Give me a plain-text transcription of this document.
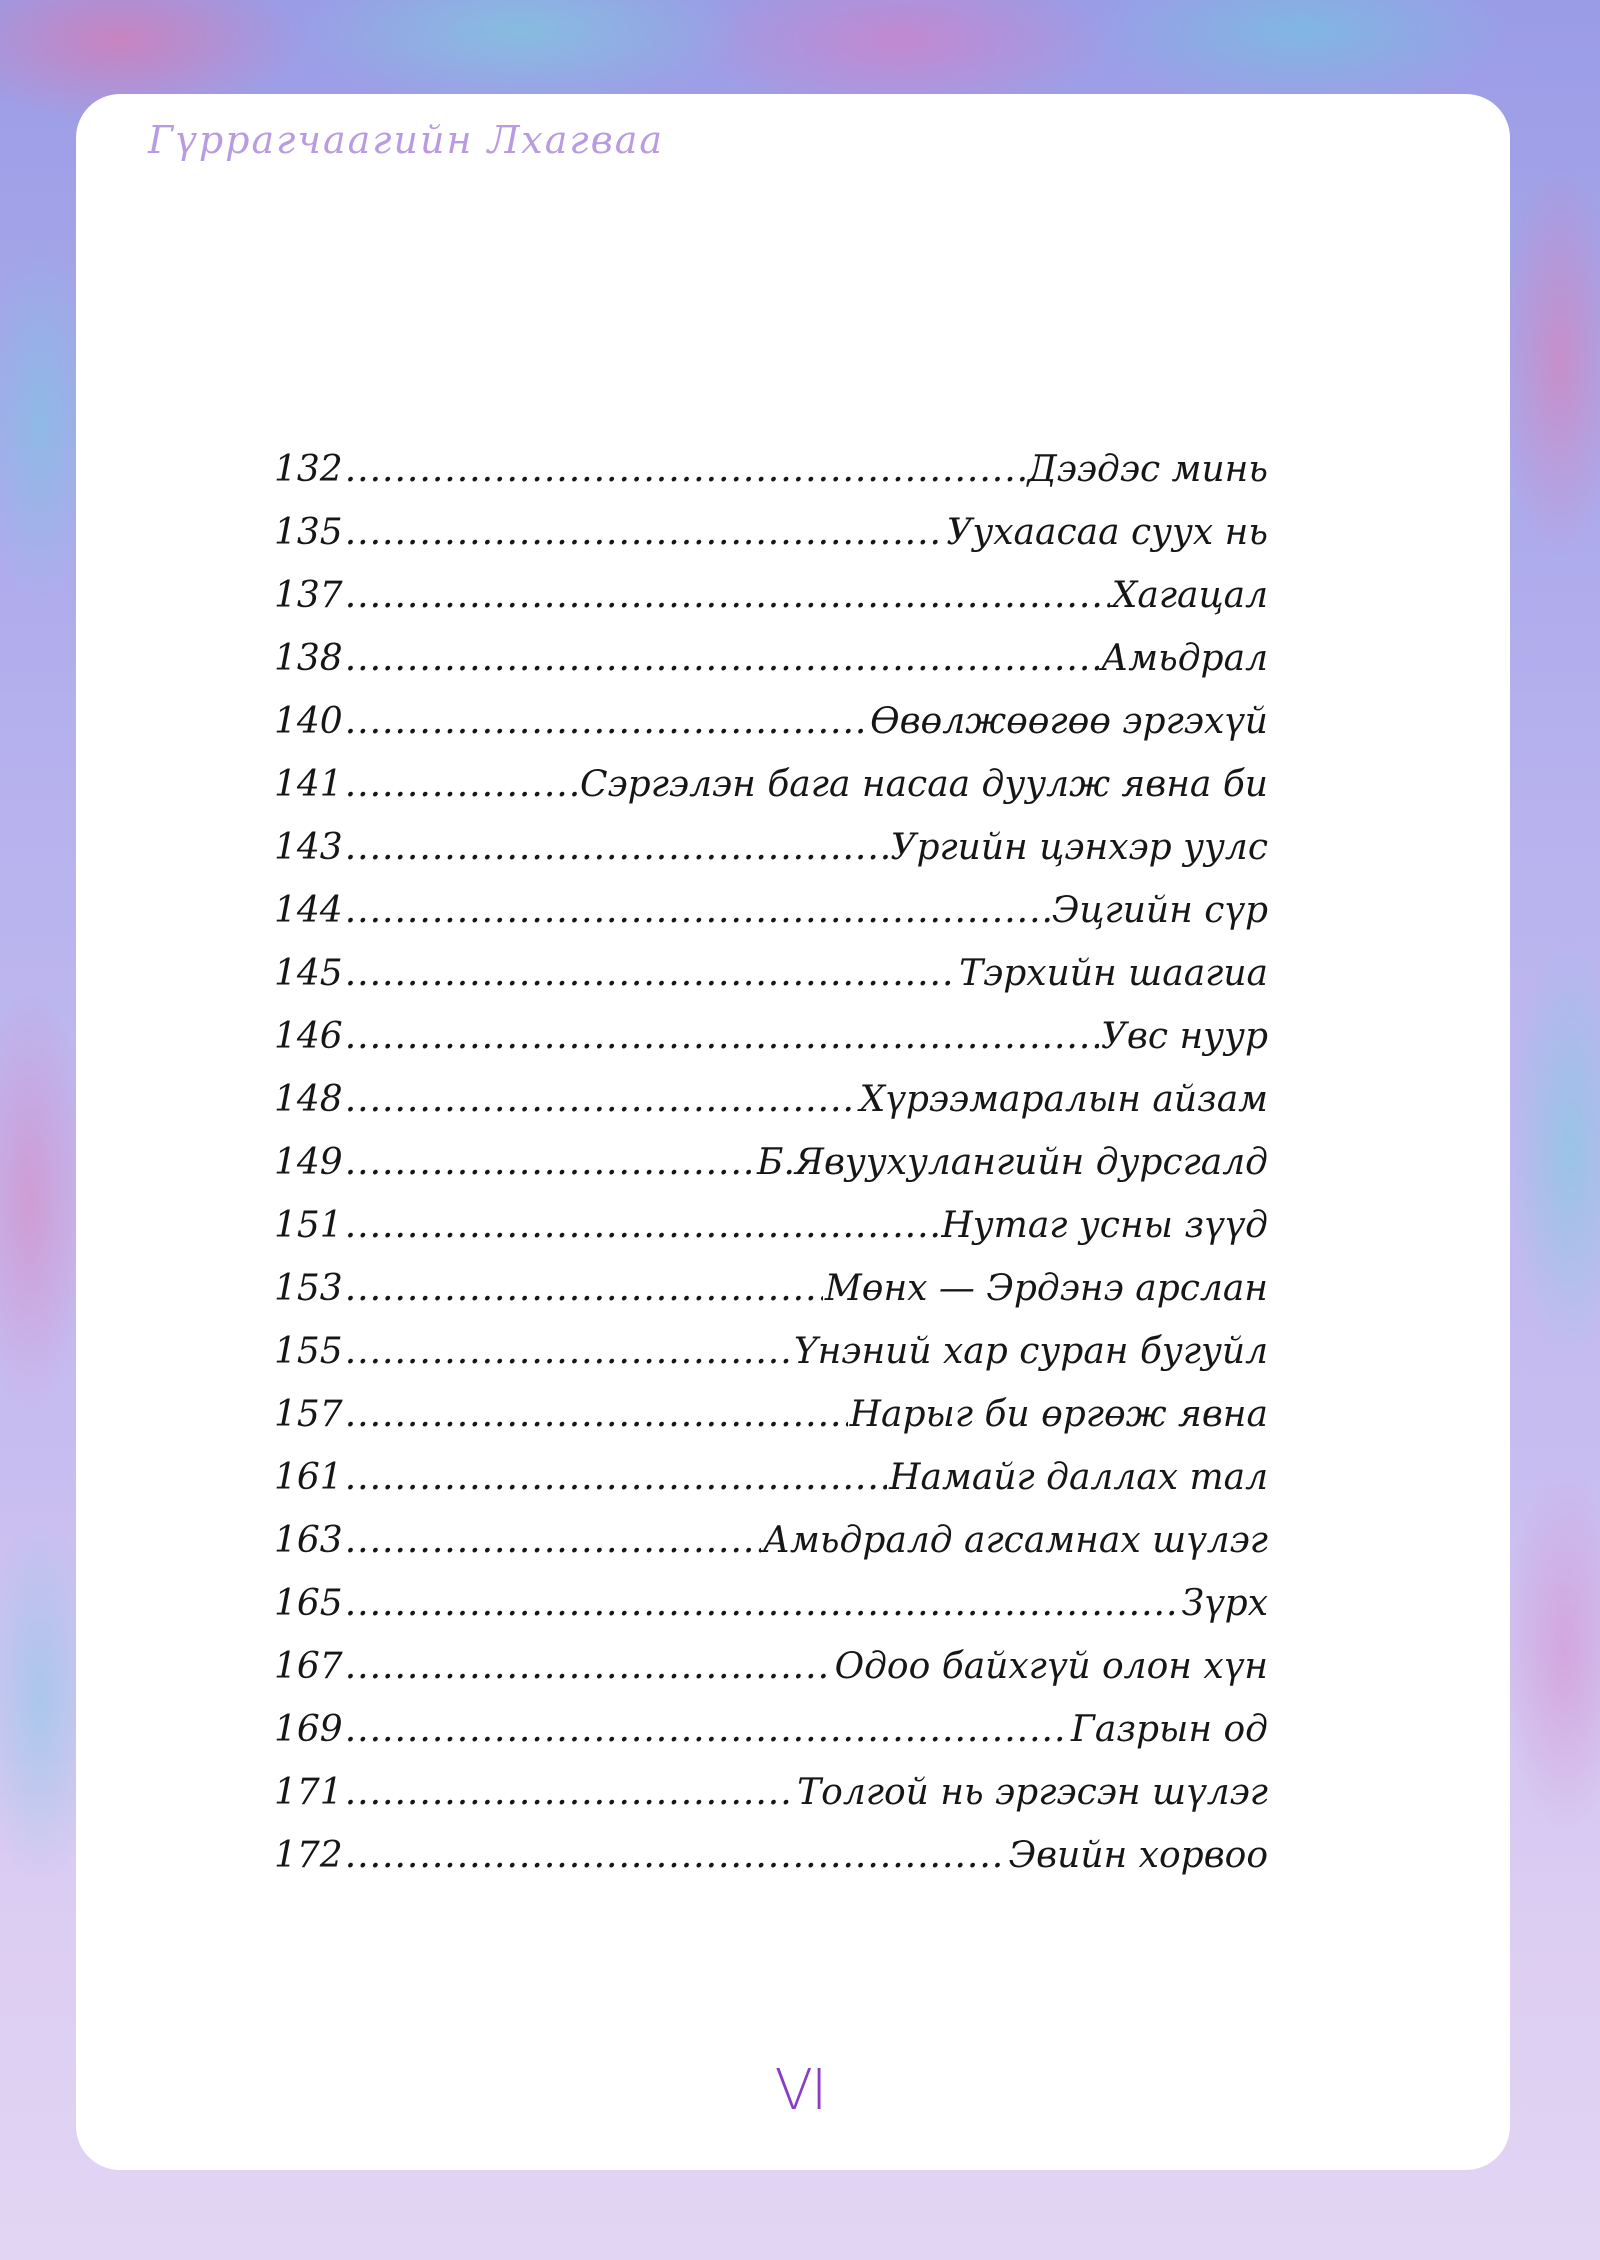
Гүррагчаагийн Лхагваа
132 .....	Дээдэс минь
135 .....	Уухаасаа суух нь
137 .....	Хагацал
138 .....	Амьдрал
140 .....	Өвөлжөөгөө эргэхүй
141 .....	Сэргэлэн бага насаа дуулж явна би
143 .....	Ургийн цэнхэр уулс
144 .....	Эцгийн сүр
145 .....	Тэрхийн шаагиа
146 .....	Увс нуур
148 .....	Хүрээмаралын айзам
149 .....	Б.Явуухулангийн дурсгалд
151 .....	Нутаг усны зүүд
153 .....	Мөнх — Эрдэнэ арслан
155 .....	Үнэний хар суран бугуйл
157 .....	Нарыг би өргөж явна
161 .....	Намайг даллах тал
163 .....	Амьдралд агсамнах шүлэг
165 .....	Зүрх
167 .....	Одоо байхгүй олон хүн
169 .....	Газрын од
171 .....	Толгой нь эргэсэн шүлэг
172 .....	Эвийн хорвоо
VI
